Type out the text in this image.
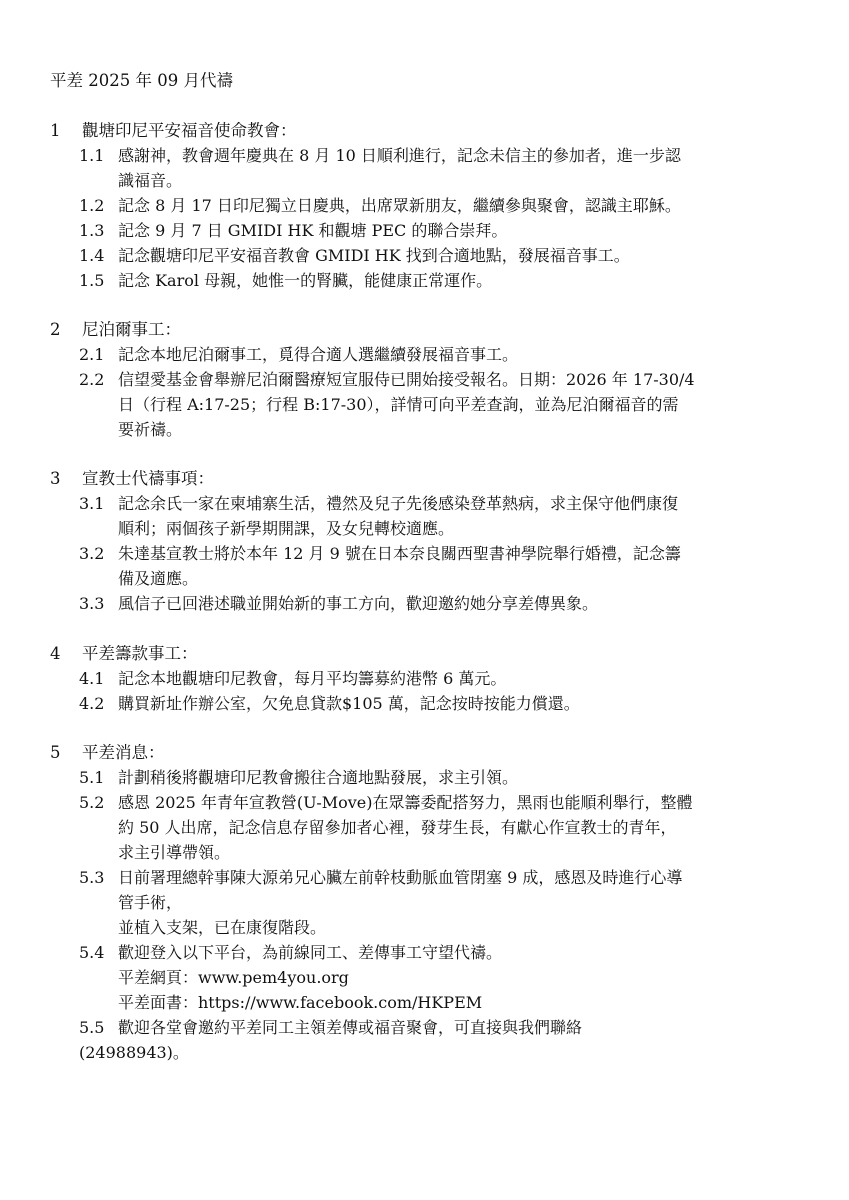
平差 2025 年 09 月代禱
1 觀塘印尼平安福音使命教會：
1.1 感謝神，教會週年慶典在 8 月 10 日順利進行，記念未信主的參加者，進一步認
識福音。
1.2 記念 8 月 17 日印尼獨立日慶典，出席眾新朋友，繼續參與聚會，認識主耶穌。
1.3 記念 9 月 7 日 GMIDI HK 和觀塘 PEC 的聯合崇拜。
1.4 記念觀塘印尼平安福音教會 GMIDI HK 找到合適地點，發展福音事工。
1.5 記念 Karol 母親，她惟一的腎臟，能健康正常運作。
2 尼泊爾事工：
2.1 記念本地尼泊爾事工，覓得合適人選繼續發展福音事工。
2.2 信望愛基金會舉辦尼泊爾醫療短宣服侍已開始接受報名。日期：2026 年 17-30/4
日（行程 A:17-25；行程 B:17-30），詳情可向平差查詢，並為尼泊爾福音的需
要祈禱。
3 宣教士代禱事項：
3.1 記念余氏一家在柬埔寨生活，禮然及兒子先後感染登革熱病，求主保守他們康復
順利；兩個孩子新學期開課，及女兒轉校適應。
3.2 朱達基宣教士將於本年 12 月 9 號在日本奈良關西聖書神學院舉行婚禮，記念籌
備及適應。
3.3 風信子已回港述職並開始新的事工方向，歡迎邀約她分享差傳異象。
4 平差籌款事工：
4.1 記念本地觀塘印尼教會，每月平均籌募約港幣 6 萬元。
4.2 購買新址作辦公室，欠免息貸款$105 萬，記念按時按能力償還。
5 平差消息：
5.1 計劃稍後將觀塘印尼教會搬往合適地點發展，求主引領。
5.2 感恩 2025 年青年宣教營(U-Move)在眾籌委配搭努力，黑雨也能順利舉行，整體
約 50 人出席，記念信息存留參加者心裡，發芽生長，有獻心作宣教士的青年，
求主引導帶領。
5.3 日前署理總幹事陳大源弟兄心臟左前幹枝動脈血管閉塞 9 成，感恩及時進行心導
管手術，
並植入支架，已在康復階段。
5.4 歡迎登入以下平台，為前線同工、差傳事工守望代禱。
平差網頁：www.pem4you.org
平差面書：https://www.facebook.com/HKPEM
5.5 歡迎各堂會邀約平差同工主領差傳或福音聚會，可直接與我們聯絡
(24988943)。
